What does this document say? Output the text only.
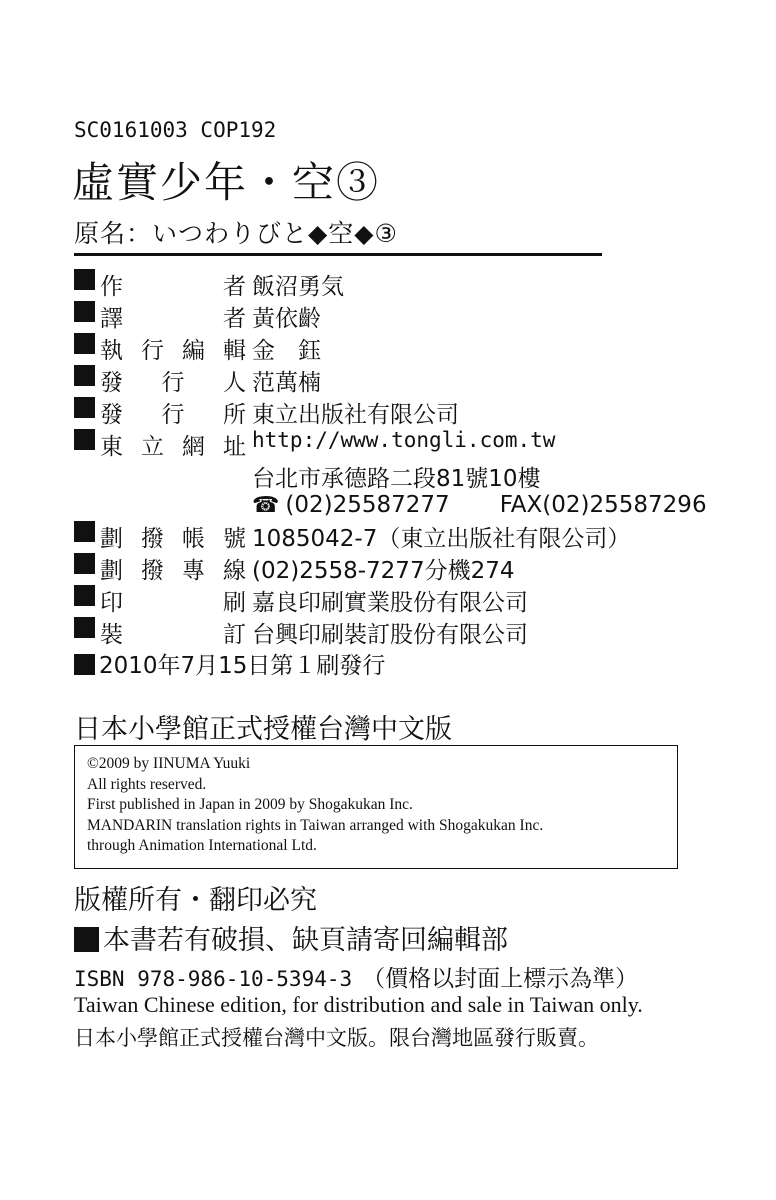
SC0161003 COP192
虛實少年・空③
原名：いつわりびと◆空◆③
作者 飯沼勇気
譯者 黃依齡
執行編輯 金　鈺
發行人 范萬楠
發行所 東立出版社有限公司
東立網址 http://www.tongli.com.tw
台北市承德路二段81號10樓
☎ (02)25587277 FAX(02)25587296
劃撥帳號 1085042-7（東立出版社有限公司）
劃撥專線 (02)2558-7277分機274
印刷 嘉良印刷實業股份有限公司
裝訂 台興印刷裝訂股份有限公司
2010年7月15日第１刷發行
日本小學館正式授權台灣中文版
©2009 by IINUMA Yuuki
All rights reserved.
First published in Japan in 2009 by Shogakukan Inc.
MANDARIN translation rights in Taiwan arranged with Shogakukan Inc.
through Animation International Ltd.
版權所有・翻印必究
本書若有破損、缺頁請寄回編輯部
ISBN 978-986-10-5394-3 （價格以封面上標示為準）
Taiwan Chinese edition, for distribution and sale in Taiwan only.
日本小學館正式授權台灣中文版。限台灣地區發行販賣。
